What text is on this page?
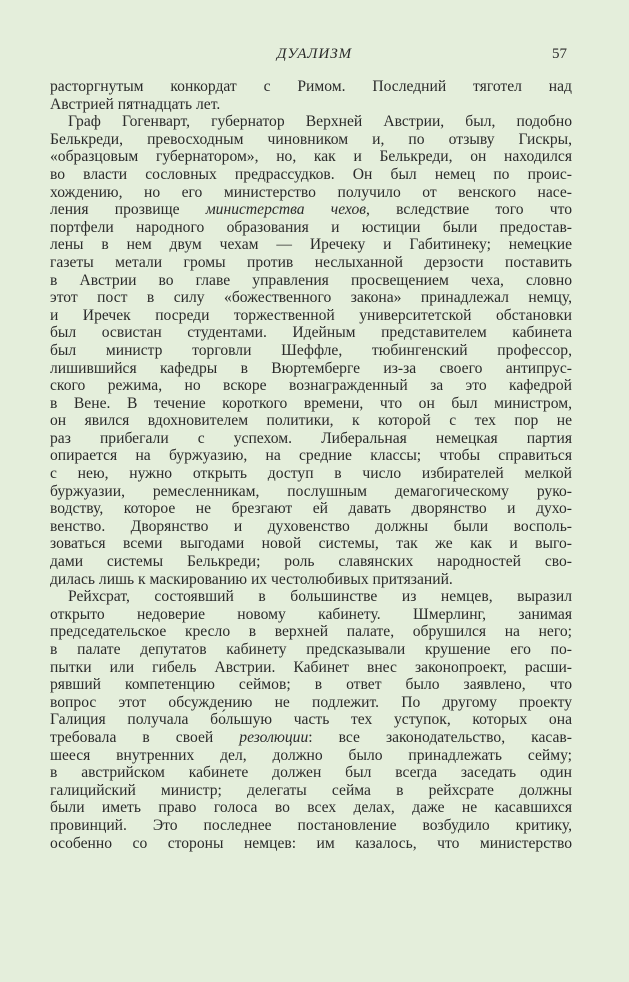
ДУАЛИЗМ	57
расторгнутым конкордат с Римом. Последний тяготел над
Австрией пятнадцать лет.
Граф Гогенварт, губернатор Верхней Австрии, был, подобно
Белькреди, превосходным чиновником и, по отзыву Гискры,
«образцовым губернатором», но, как и Белькреди, он находился
во власти сословных предрассудков. Он был немец по проис-
хождению, но его министерство получило от венского насе-
ления прозвище министерства чехов, вследствие того что
портфели народного образования и юстиции были предостав-
лены в нем двум чехам — Иречеку и Габитинеку; немецкие
газеты метали громы против неслыханной дерзости поставить
в Австрии во главе управления просвещением чеха, словно
этот пост в силу «божественного закона» принадлежал немцу,
и Иречек посреди торжественной университетской обстановки
был освистан студентами. Идейным представителем кабинета
был министр торговли Шеффле, тюбингенский профессор,
лишившийся кафедры в Вюртемберге из-за своего антипрус-
ского режима, но вскоре вознагражденный за это кафедрой
в Вене. В течение короткого времени, что он был министром,
он явился вдохновителем политики, к которой с тех пор не
раз прибегали с успехом. Либеральная немецкая партия
опирается на буржуазию, на средние классы; чтобы справиться
с нею, нужно открыть доступ в число избирателей мелкой
буржуазии, ремесленникам, послушным демагогическому руко-
водству, которое не брезгают ей давать дворянство и духо-
венство. Дворянство и духовенство должны были восполь-
зоваться всеми выгодами новой системы, так же как и выго-
дами системы Белькреди; роль славянских народностей сво-
дилась лишь к маскированию их честолюбивых притязаний.
Рейхсрат, состоявший в большинстве из немцев, выразил
открыто недоверие новому кабинету. Шмерлинг, занимая
председательское кресло в верхней палате, обрушился на него;
в палате депутатов кабинету предсказывали крушение его по-
пытки или гибель Австрии. Кабинет внес законопроект, расши-
рявший компетенцию сеймов; в ответ было заявлено, что
вопрос этот обсуждению не подлежит. По другому проекту
Галиция получала бо́льшую часть тех уступок, которых она
требовала в своей резолюции: все законодательство, касав-
шееся внутренних дел, должно было принадлежать сейму;
в австрийском кабинете должен был всегда заседать один
галицийский министр; делегаты сейма в рейхсрате должны
были иметь право голоса во всех делах, даже не касавшихся
провинций. Это последнее постановление возбудило критику,
особенно со стороны немцев: им казалось, что министерство
